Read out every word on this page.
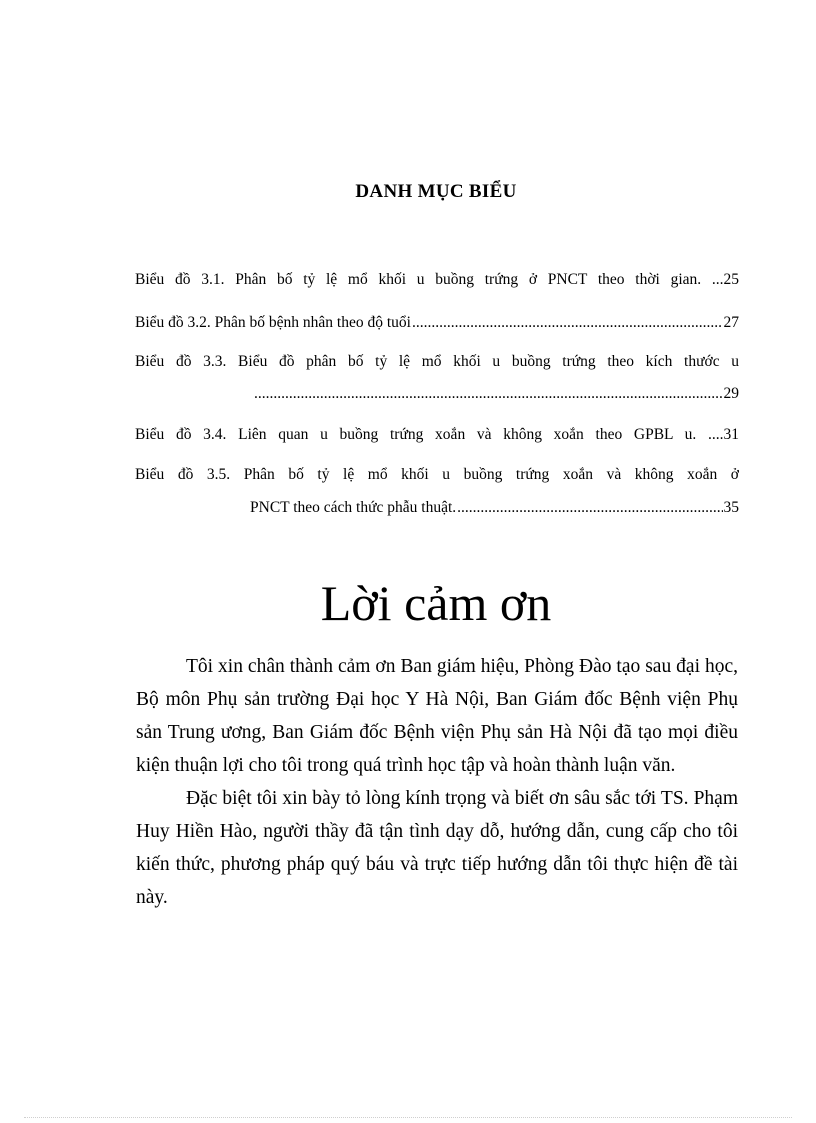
DANH MỤC BIỂU
Biểu đồ 3.1. Phân bố tỷ lệ mổ khối u buồng trứng ở PNCT theo thời gian. ...25
Biểu đồ 3.2. Phân bố bệnh nhân theo độ tuổi .....	27
Biểu đồ 3.3. Biểu đồ phân bố tỷ lệ mổ khối u buồng trứng theo kích thước u
.....
29
Biểu đồ 3.4. Liên quan u buồng trứng xoắn và không xoắn theo GPBL u. ....31
Biểu đồ 3.5. Phân bố tỷ lệ mổ khối u buồng trứng xoắn và không xoắn ở
PNCT theo cách thức phẫu thuật. .....	35
Lời cảm ơn

Tôi xin chân thành cảm ơn Ban giám hiệu, Phòng Đào tạo sau đại học, Bộ môn Phụ sản trường Đại học Y Hà Nội, Ban Giám đốc Bệnh viện Phụ sản Trung ương, Ban Giám đốc Bệnh viện Phụ sản Hà Nội đã tạo mọi điều kiện thuận lợi cho tôi trong quá trình học tập và hoàn thành luận văn.

Đặc biệt tôi xin bày tỏ lòng kính trọng và biết ơn sâu sắc tới TS. Phạm Huy Hiền Hào, người thầy đã tận tình dạy dỗ, hướng dẫn, cung cấp cho tôi kiến thức, phương pháp quý báu và trực tiếp hướng dẫn tôi thực hiện đề tài này.
